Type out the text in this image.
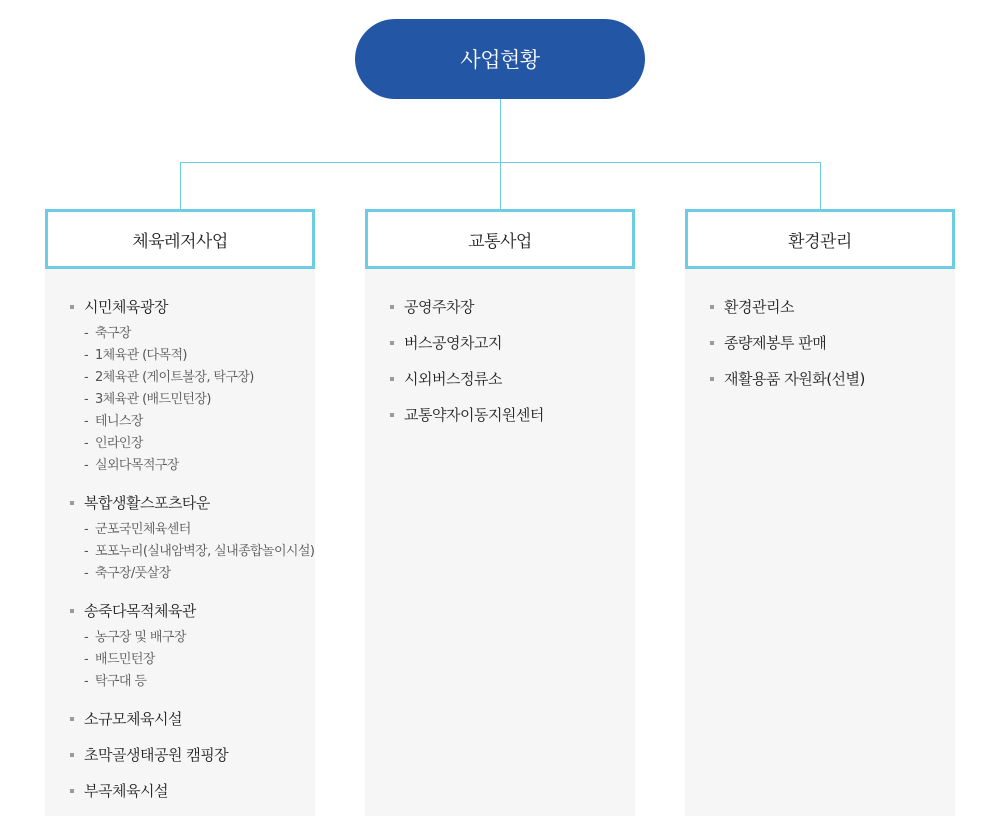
사업현황
체육레저사업	교통사업	환경관리
시민체육광장
- 축구장
- 1체육관 (다목적)
- 2체육관 (게이트볼장, 탁구장)
- 3체육관 (배드민턴장)
- 테니스장
- 인라인장
- 실외다목적구장
복합생활스포츠타운
- 군포국민체육센터
- 포포누리(실내암벽장, 실내종합놀이시설)
- 축구장/풋살장
송죽다목적체육관
- 농구장 및 배구장
- 배드민턴장
- 탁구대 등
소규모체육시설
초막골생태공원 캠핑장
부곡체육시설
공영주차장
버스공영차고지
시외버스정류소
교통약자이동지원센터
환경관리소
종량제봉투 판매
재활용품 자원화(선별)
